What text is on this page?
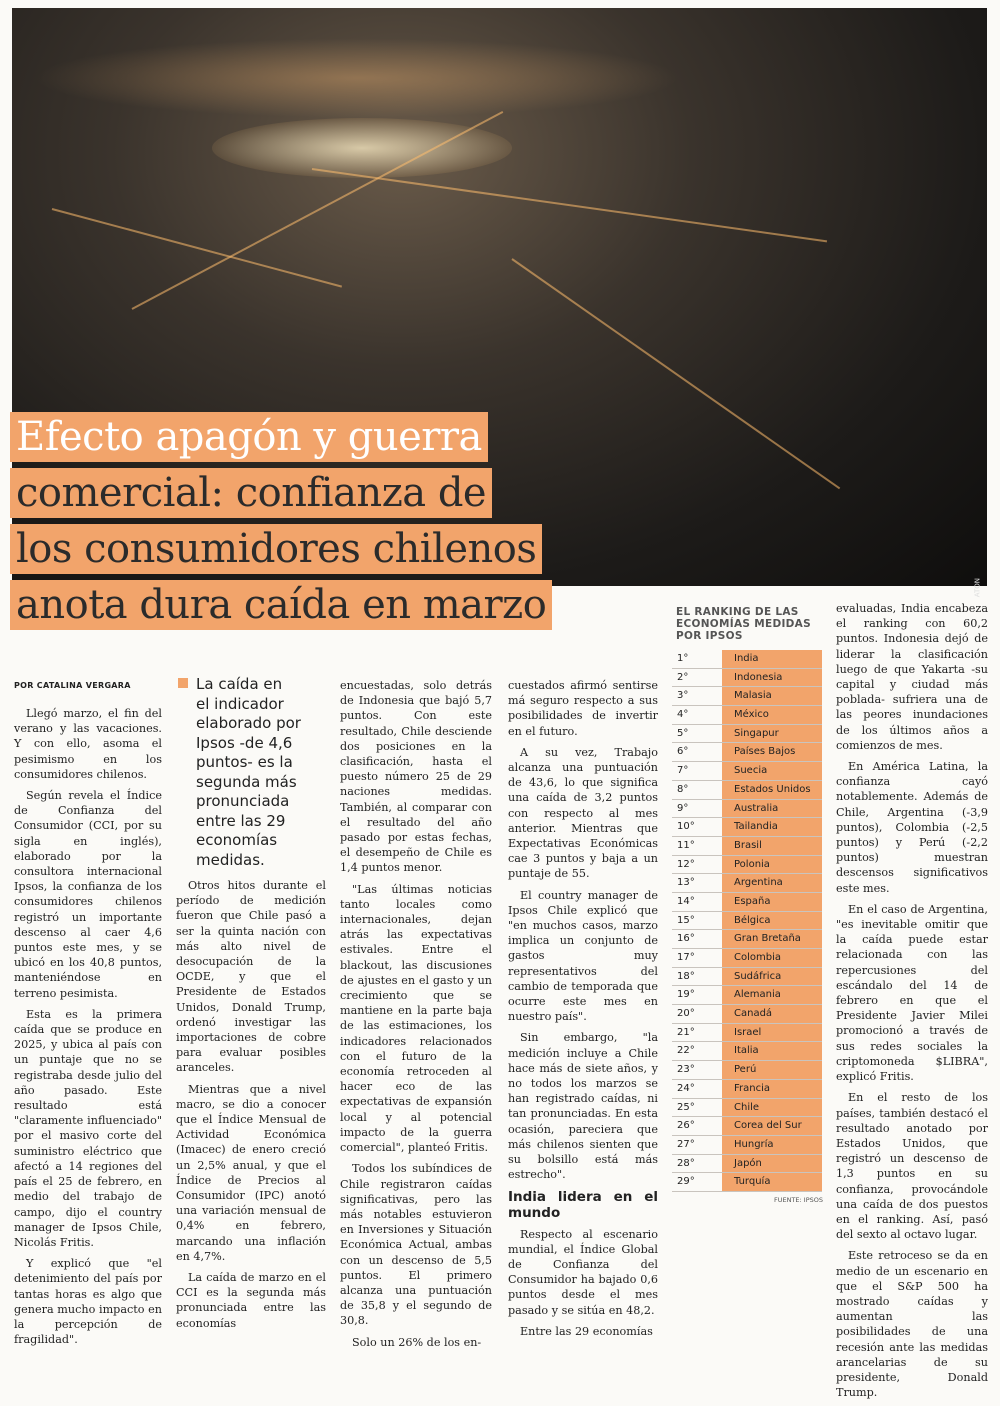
ATON
Efecto apagón y guerra
comercial: confianza de
los consumidores chilenos
anota dura caída en marzo
POR CATALINA VERGARA

Llegó marzo, el fin del verano y las vacaciones. Y con ello, asoma el pesimismo en los consumidores chilenos.

Según revela el Índice de Confianza del Consumidor (CCI, por su sigla en inglés), elaborado por la consultora internacional Ipsos, la confianza de los consumidores chilenos registró un importante descenso al caer 4,6 puntos este mes, y se ubicó en los 40,8 puntos, manteniéndose en terreno pesimista.

Esta es la primera caída que se produce en 2025, y ubica al país con un puntaje que no se registraba desde julio del año pasado. Este resultado está "claramente influenciado" por el masivo corte del suministro eléctrico que afectó a 14 regiones del país el 25 de febrero, en medio del trabajo de campo, dijo el country manager de Ipsos Chile, Nicolás Fritis.

Y explicó que "el detenimiento del país por tantas horas es algo que genera mucho impacto en la percepción de fragilidad".

La caída en
el indicador elaborado por Ipsos -de 4,6 puntos- es la segunda más pronunciada entre las 29 economías medidas.

Otros hitos durante el período de medición fueron que Chile pasó a ser la quinta nación con más alto nivel de desocupación de la OCDE, y que el Presidente de Estados Unidos, Donald Trump, ordenó investigar las importaciones de cobre para evaluar posibles aranceles.

Mientras que a nivel macro, se dio a conocer que el Índice Mensual de Actividad Económica (Imacec) de enero creció un 2,5% anual, y que el Índice de Precios al Consumidor (IPC) anotó una variación mensual de 0,4% en febrero, marcando una inflación en 4,7%.

La caída de marzo en el CCI es la segunda más pronunciada entre las economías

encuestadas, solo detrás de Indonesia que bajó 5,7 puntos. Con este resultado, Chile desciende dos posiciones en la clasificación, hasta el puesto número 25 de 29 naciones medidas. También, al comparar con el resultado del año pasado por estas fechas, el desempeño de Chile es 1,4 puntos menor.

"Las últimas noticias tanto locales como internacionales, dejan atrás las expectativas estivales. Entre el blackout, las discusiones de ajustes en el gasto y un crecimiento que se mantiene en la parte baja de las estimaciones, los indicadores relacionados con el futuro de la economía retroceden al hacer eco de las expectativas de expansión local y al potencial impacto de la guerra comercial", planteó Fritis.

Todos los subíndices de Chile registraron caídas significativas, pero las más notables estuvieron en Inversiones y Situación Económica Actual, ambas con un descenso de 5,5 puntos. El primero alcanza una puntuación de 35,8 y el segundo de 30,8.

Solo un 26% de los en-

cuestados afirmó sentirse má seguro respecto a sus posibilidades de invertir en el futuro.

A su vez, Trabajo alcanza una puntuación de 43,6, lo que significa una caída de 3,2 puntos con respecto al mes anterior. Mientras que Expectativas Económicas cae 3 puntos y baja a un puntaje de 55.

El country manager de Ipsos Chile explicó que "en muchos casos, marzo implica un conjunto de gastos muy representativos del cambio de temporada que ocurre este mes en nuestro país".

Sin embargo, "la medición incluye a Chile hace más de siete años, y no todos los marzos se han registrado caídas, ni tan pronunciadas. En esta ocasión, pareciera que más chilenos sienten que su bolsillo está más estrecho".

India lidera en el mundo

Respecto al escenario mundial, el Índice Global de Confianza del Consumidor ha bajado 0,6 puntos desde el mes pasado y se sitúa en 48,2.

Entre las 29 economías

EL RANKING DE LAS ECONOMÍAS MEDIDAS POR IPSOS
1°	India
2°	Indonesia
3°	Malasia
4°	México
5°	Singapur
6°	Países Bajos
7°	Suecia
8°	Estados Unidos
9°	Australia
10°	Tailandia
11°	Brasil
12°	Polonia
13°	Argentina
14°	España
15°	Bélgica
16°	Gran Bretaña
17°	Colombia
18°	Sudáfrica
19°	Alemania
20°	Canadá
21°	Israel
22°	Italia
23°	Perú
24°	Francia
25°	Chile
26°	Corea del Sur
27°	Hungría
28°	Japón
29°	Turquía
FUENTE: IPSOS

evaluadas, India encabeza el ranking con 60,2 puntos. Indonesia dejó de liderar la clasificación luego de que Yakarta -su capital y ciudad más poblada- sufriera una de las peores inundaciones de los últimos años a comienzos de mes.

En América Latina, la confianza cayó notablemente. Además de Chile, Argentina (-3,9 puntos), Colombia (-2,5 puntos) y Perú (-2,2 puntos) muestran descensos significativos este mes.

En el caso de Argentina, "es inevitable omitir que la caída puede estar relacionada con las repercusiones del escándalo del 14 de febrero en que el Presidente Javier Milei promocionó a través de sus redes sociales la criptomoneda $LIBRA", explicó Fritis.

En el resto de los países, también destacó el resultado anotado por Estados Unidos, que registró un descenso de 1,3 puntos en su confianza, provocándole una caída de dos puestos en el ranking. Así, pasó del sexto al octavo lugar.

Este retroceso se da en medio de un escenario en que el S&P 500 ha mostrado caídas y aumentan las posibilidades de una recesión ante las medidas arancelarias de su presidente, Donald Trump.
